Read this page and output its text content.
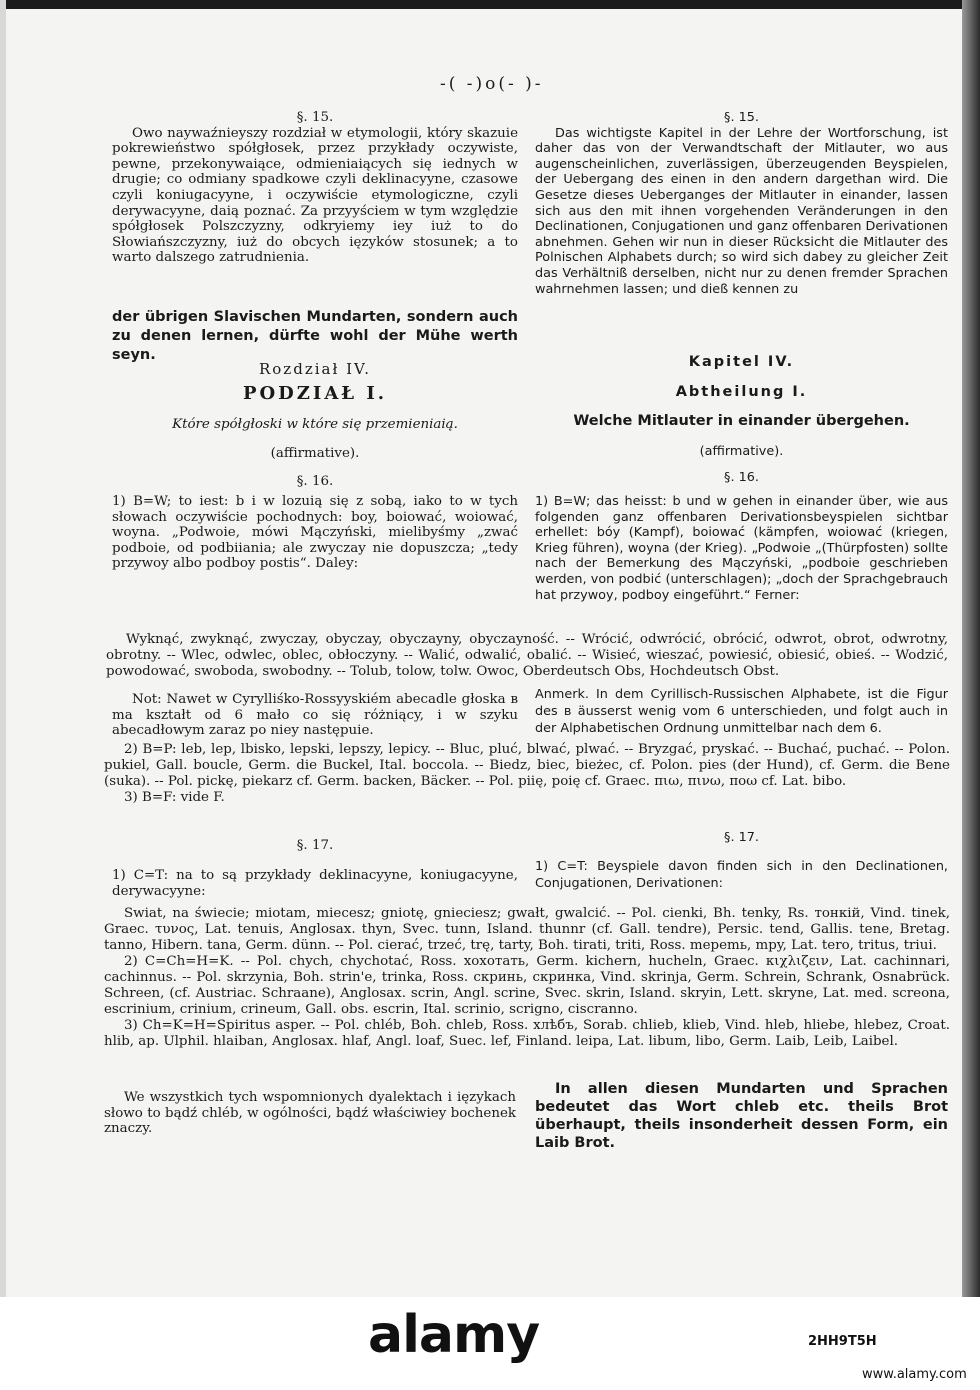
-( -)o(- )-

§. 15.

Owo naywaźnieyszy rozdział w etymologii, który skazuie pokrewieństwo spółgłosek, przez przykłady oczywiste, pewne, przekonywaiące, odmieniaiących się iednych w drugie; co odmiany spadkowe czyli deklinacyyne, czasowe czyli koniugacyyne, i oczywiście etymologiczne, czyli derywacyyne, daią poznać. Za przyyściem w tym względzie spółgłosek Polszczyzny, odkryiemy iey iuż to do Słowiańszczyzny, iuż do obcych ięzyków stosunek; a to warto dalszego zatrudnienia.

der übrigen Slavischen Mundarten, sondern auch zu denen lernen, dürfte wohl der Mühe werth seyn.
Rozdział IV.
PODZIAŁ I.
Które spółgłoski w które się przemieniaią.
(affirmative).
§. 16.
1) B=W; to iest: b i w lozuią się z sobą, iako to w tych słowach oczywiście pochodnych: boy, boiować, woiować, woyna. „Podwoie, mówi Mączyński, mielibyśmy „zwać podboie, od podbiiania; ale zwyczay nie dopuszcza; „tedy przywoy albo podboy postis“. Daley:

§. 15.

Das wichtigste Kapitel in der Lehre der Wortforschung, ist daher das von der Verwandtschaft der Mitlauter, wo aus augenscheinlichen, zuverlässigen, überzeugenden Beyspielen, der Uebergang des einen in den andern dargethan wird. Die Gesetze dieses Ueberganges der Mitlauter in einander, lassen sich aus den mit ihnen vorgehenden Veränderungen in den Declinationen, Conjugationen und ganz offenbaren Derivationen abnehmen. Gehen wir nun in dieser Rücksicht die Mitlauter des Polnischen Alphabets durch; so wird sich dabey zu gleicher Zeit das Verhältniß derselben, nicht nur zu denen fremder Sprachen wahrnehmen lassen; und dieß kennen zu

Kapitel IV.
Abtheilung I.
Welche Mitlauter in einander übergehen.
(affirmative).
§. 16.
1) B=W; das heisst: b und w gehen in einander über, wie aus folgenden ganz offenbaren Derivationsbeyspielen sichtbar erhellet: bóy (Kampf), boiować (kämpfen, woiować (kriegen, Krieg führen), woyna (der Krieg). „Podwoie „(Thürpfosten) sollte nach der Bemerkung des Mączyński, „podboie geschrieben werden, von podbić (unterschlagen); „doch der Sprachgebrauch hat przywoy, podboy eingeführt.“ Ferner:
Wyknąć, zwyknąć, zwyczay, obyczay, obyczayny, obyczayność. -- Wrócić, odwrócić, obrócić, odwrot, obrot, odwrotny, obrotny. -- Wlec, odwlec, oblec, obłoczyny. -- Walić, odwalić, obalić. -- Wisieć, wieszać, powiesić, obiesić, obieś. -- Wodzić, powodować, swoboda, swobodny. -- Tolub, tolow, tolw. Owoc, Oberdeutsch Obs, Hochdeutsch Obst.
Not: Nawet w Cyrylliśko-Rossyyskiém abecadle głoska в ma kształt od 6 mało co się różniący, i w szyku abecadłowym zaraz po niey następuie.
Anmerk. In dem Cyrillisch-Russischen Alphabete, ist die Figur des в äusserst wenig vom 6 unterschieden, und folgt auch in der Alphabetischen Ordnung unmittelbar nach dem 6.

2) B=P: leb, lep, lbisko, lepski, lepszy, lepicy. -- Bluc, pluć, blwać, plwać. -- Bryzgać, pryskać. -- Buchać, puchać. -- Polon. pukiel, Gall. boucle, Germ. die Buckel, Ital. boccola. -- Biedz, biec, bieżec, cf. Polon. pies (der Hund), cf. Germ. die Bene (suka). -- Pol. pickę, piekarz cf. Germ. backen, Bäcker. -- Pol. piię, poię cf. Graec. πιω, πινω, ποω cf. Lat. bibo.

3) B=F: vide F.

§. 17.
§. 17.
1) C=T: na to są przykłady deklinacyyne, koniugacyyne, derywacyyne:
1) C=T: Beyspiele davon finden sich in den Declinationen, Conjugationen, Derivationen:

Swiat, na świecie; miotam, miecesz; gniotę, gnieciesz; gwałt, gwalcić. -- Pol. cienki, Bh. tenky, Rs. тонкій, Vind. tinek, Graec. τυνος, Lat. tenuis, Anglosax. thyn, Svec. tunn, Island. thunnr (cf. Gall. tendre), Persic. tend, Gallis. tene, Bretag. tanno, Hibern. tana, Germ. dünn. -- Pol. cierać, trzeć, trę, tarty, Boh. tirati, triti, Ross. mepemь, mpy, Lat. tero, tritus, triui.

2) C=Ch=H=K. -- Pol. chych, chychotać, Ross. хохотать, Germ. kichern, hucheln, Graec. κιχλιζειν, Lat. cachinnari, cachinnus. -- Pol. skrzynia, Boh. strin'e, trinka, Ross. скринь, скринка, Vind. skrinja, Germ. Schrein, Schrank, Osnabrück. Schreen, (cf. Austriac. Schraane), Anglosax. scrin, Angl. scrine, Svec. skrin, Island. skryin, Lett. skryne, Lat. med. screona, escrinium, crinium, crineum, Gall. obs. escrin, Ital. scrinio, scrigno, ciscranno.

3) Ch=K=H=Spiritus asper. -- Pol. chléb, Boh. chleb, Ross. хлѣбъ, Sorab. chlieb, klieb, Vind. hleb, hliebe, hlebez, Croat. hlib, ap. Ulphil. hlaiban, Anglosax. hlaf, Angl. loaf, Suec. lef, Finland. leipa, Lat. libum, libo, Germ. Laib, Leib, Laibel.

We wszystkich tych wspomnionych dyalektach i ięzykach słowo to bądź chléb, w ogólności, bądź właściwiey bochenek znaczy.
In allen diesen Mundarten und Sprachen bedeutet das Wort chleb etc. theils Brot überhaupt, theils insonderheit dessen Form, ein Laib Brot.
alamy	2HH9T5H
www.alamy.com
